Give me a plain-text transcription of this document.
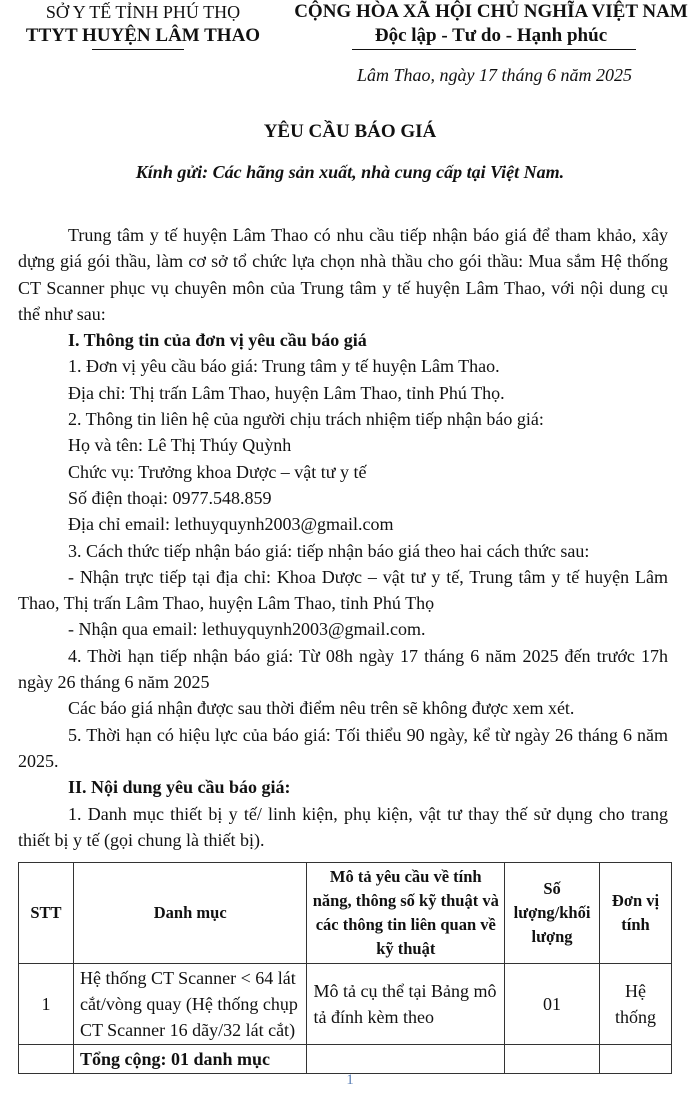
SỞ Y TẾ TỈNH PHÚ THỌ
TTYT HUYỆN LÂM THAO
CỘNG HÒA XÃ HỘI CHỦ NGHĨA VIỆT NAM
Độc lập - Tư do - Hạnh phúc
Lâm Thao, ngày 17 tháng 6 năm 2025
YÊU CẦU BÁO GIÁ
Kính gửi: Các hãng sản xuất, nhà cung cấp tại Việt Nam.

Trung tâm y tế huyện Lâm Thao có nhu cầu tiếp nhận báo giá để tham khảo, xây dựng giá gói thầu, làm cơ sở tổ chức lựa chọn nhà thầu cho gói thầu: Mua sắm Hệ thống CT Scanner phục vụ chuyên môn của Trung tâm y tế huyện Lâm Thao, với nội dung cụ thể như sau:

I. Thông tin của đơn vị yêu cầu báo giá

1. Đơn vị yêu cầu báo giá: Trung tâm y tế huyện Lâm Thao.

Địa chỉ: Thị trấn Lâm Thao, huyện Lâm Thao, tỉnh Phú Thọ.

2. Thông tin liên hệ của người chịu trách nhiệm tiếp nhận báo giá:

Họ và tên: Lê Thị Thúy Quỳnh

Chức vụ: Trưởng khoa Dược – vật tư y tế

Số điện thoại: 0977.548.859

Địa chỉ email: lethuyquynh2003@gmail.com

3. Cách thức tiếp nhận báo giá: tiếp nhận báo giá theo hai cách thức sau:

- Nhận trực tiếp tại địa chỉ: Khoa Dược – vật tư y tế, Trung tâm y tế huyện Lâm Thao, Thị trấn Lâm Thao, huyện Lâm Thao, tỉnh Phú Thọ

- Nhận qua email: lethuyquynh2003@gmail.com.

4. Thời hạn tiếp nhận báo giá: Từ 08h ngày 17 tháng 6 năm 2025 đến trước 17h ngày 26 tháng 6 năm 2025

Các báo giá nhận được sau thời điểm nêu trên sẽ không được xem xét.

5. Thời hạn có hiệu lực của báo giá: Tối thiểu 90 ngày, kể từ ngày 26 tháng 6 năm 2025.

II. Nội dung yêu cầu báo giá:

1. Danh mục thiết bị y tế/ linh kiện, phụ kiện, vật tư thay thế sử dụng cho trang thiết bị y tế (gọi chung là thiết bị).

STT	Danh mục	Mô tả yêu cầu về tính năng, thông số kỹ thuật và các thông tin liên quan về kỹ thuật	Số lượng/khối lượng	Đơn vị tính
1	Hệ thống CT Scanner < 64 lát cắt/vòng quay (Hệ thống chụp CT Scanner 16 dãy/32 lát cắt)	Mô tả cụ thể tại Bảng mô tả đính kèm theo	01	Hệ thống
	Tổng cộng: 01 danh mục			
1
